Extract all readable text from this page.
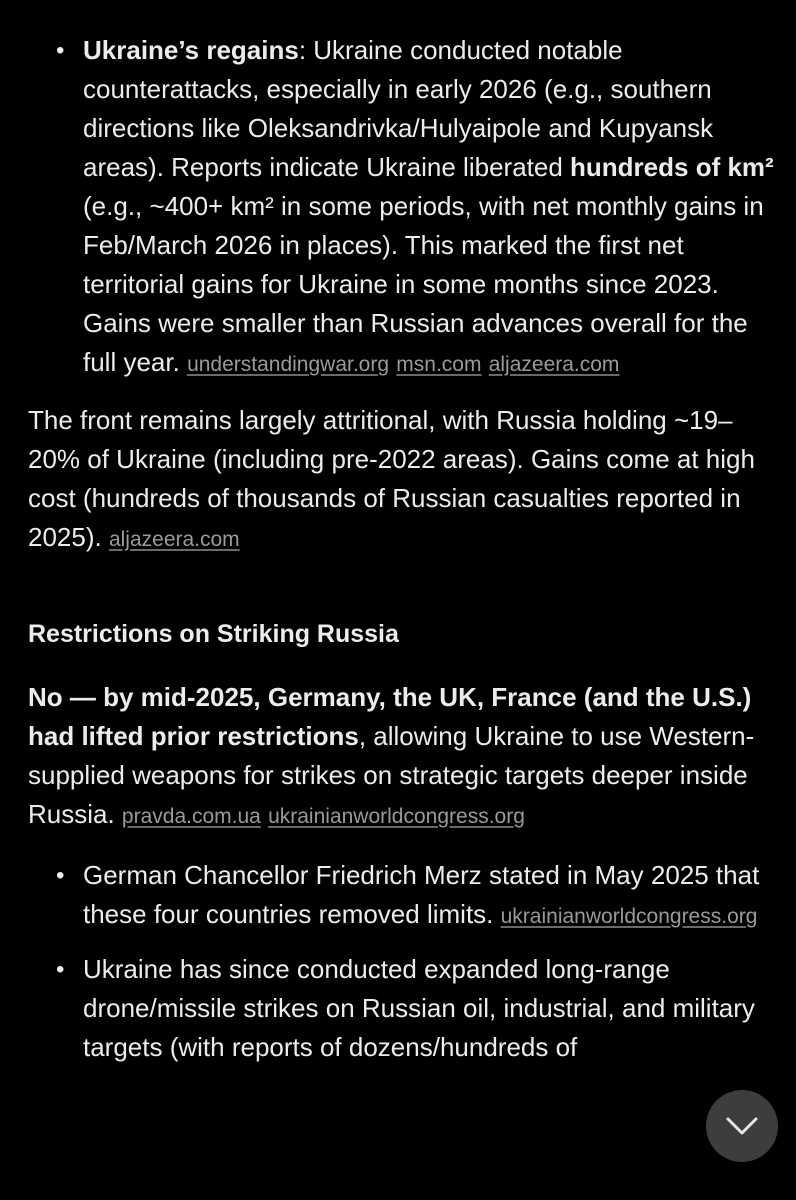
• Ukraine’s regains: Ukraine conducted notable counterattacks, especially in early 2026 (e.g., southern directions like Oleksandrivka/Hulyaipole and Kupyansk areas). Reports indicate Ukraine liberated hundreds of km² (e.g., ~400+ km² in some periods, with net monthly gains in Feb/March 2026 in places). This marked the first net territorial gains for Ukraine in some months since 2023. Gains were smaller than Russian advances overall for the full year. understandingwar.org msn.com aljazeera.com
The front remains largely attritional, with Russia holding ~19–20% of Ukraine (including pre-2022 areas). Gains come at high cost (hundreds of thousands of Russian casualties reported in 2025). aljazeera.com
Restrictions on Striking Russia
No — by mid-2025, Germany, the UK, France (and the U.S.) had lifted prior restrictions, allowing Ukraine to use Western-supplied weapons for strikes on strategic targets deeper inside Russia. pravda.com.ua ukrainianworldcongress.org
• German Chancellor Friedrich Merz stated in May 2025 that these four countries removed limits. ukrainianworldcongress.org
• Ukraine has since conducted expanded long-range drone/missile strikes on Russian oil, industrial, and military targets (with reports of dozens/hundreds of
